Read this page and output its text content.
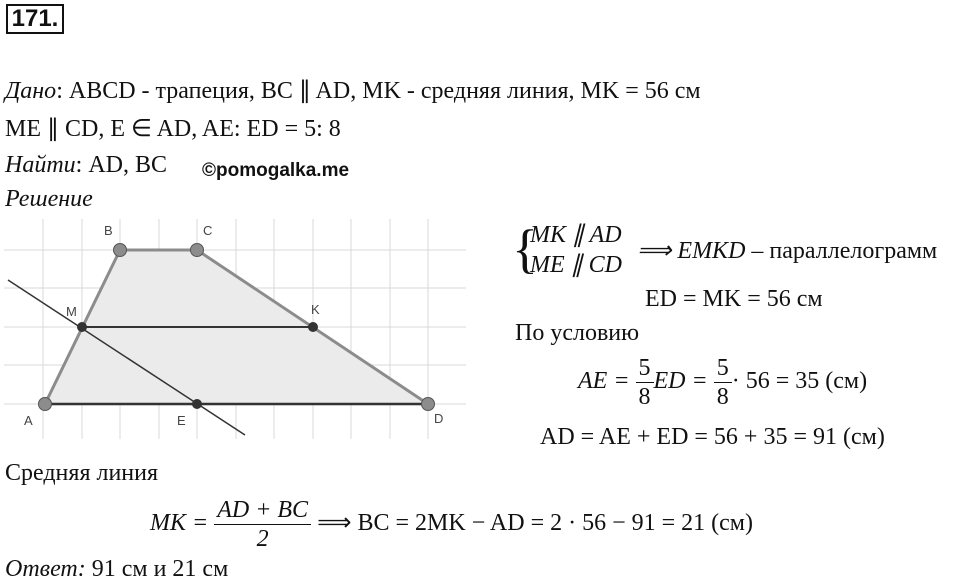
171.
Дано: ABCD - трапеция, BC ∥ AD, MK - средняя линия, MK = 56 см
ME ∥ CD, E ∈ AD, AE: ED = 5: 8
Найти: AD, BC ©pomogalka.me
Решение
A
B	C
D
M	K
E
{
MK ∥ AD
ME ∥ CD
⟹ EMKD – параллелограмм
ED = MK = 56 см
По условию
AE = $\frac{5}{8}$ ED = $\frac{5}{8} \cdot 56 = 35$ (см)
AD = AE + ED = 56 + 35 = 91 (см)
Средняя линия
MK = $\frac{AD + BC}{2}$ ⟹ BC = 2MK − AD = 2 · 56 − 91 = 21 (см)
Ответ: 91 см и 21 см
